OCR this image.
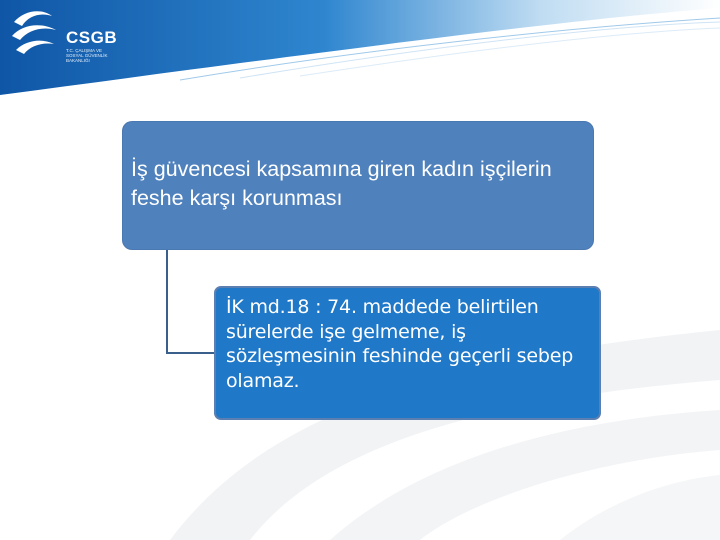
CSGB
T.C. ÇALIŞMA VE
SOSYAL GÜVENLİK
BAKANLIĞI
İş güvencesi kapsamına giren kadın işçilerin feshe karşı korunması
İK md.18 : 74. maddede belirtilen sürelerde işe gelmeme, iş sözleşmesinin feshinde geçerli sebep olamaz.
